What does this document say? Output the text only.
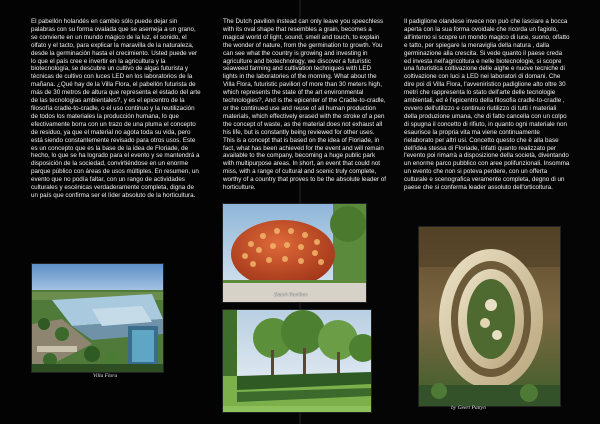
El pabellón holandés en cambio sólo puede dejar sin palabras con su forma ovalada que se asemeja a un grano, se convierte en un mundo mágico de la luz, el sonido, el olfato y el tacto, para explicar la maravilla de la naturaleza, desde la germinación hasta el crecimiento. Usted puede ver lo que el país cree e invertir en la agricultura y la biotecnología, se descubre un cultivo de algas futurista y técnicas de cultivo con luces LED en los laboratorios de la mañana. ¿Qué hay de la Villa Flora, el pabellón futurista de más de 30 metros de altura que representa el estado del arte de las tecnologías ambientales?, y es el epicentro de la filosofía cradle-to-cradle, o el uso continuo y la reutilización de todos los materiales la producción humana, lo que efectivamente borra con un trazo de una pluma el concepto de residuo, ya que el material no agota toda su vida, pero está siendo constantemente revisado para otros usos. Este es un concepto que es la base de la idea de Floriade, de hecho, lo que se ha logrado para el evento y se mantendrá a disposición de la sociedad, convirtiéndose en un enorme parque público con áreas de usos múltiples. En resumen, un evento que no podía faltar, con un rango de actividades culturales y escénicas verdaderamente completa, digna de un país que confirma ser el líder absoluto de la horticultura.

The Dutch pavilion instead can only leave you speechless with its oval shape that resembles a grain, becomes a magical world of light, sound, smell and touch, to explain the wonder of nature, from the germination to growth. You can see what the country is growing and investing in agriculture and biotechnology, we discover a futuristic seaweed farming and cultivation techniques with LED lights in the laboratories of the morning. What about the Villa Flora, futuristic pavilion of more than 30 meters high, which represents the state of the art environmental technologies?, And is the epicenter of the Cradle-to-cradle, or the continued use and reuse of all human production materials, which effectively erased with the stroke of a pen the concept of waste, as the material does not exhaust all his life, but is constantly being reviewed for other uses. This is a concept that is based on the idea of Floriade, in fact, what has been achieved for the event and will remain available to the company, becoming a huge public park with multipurpose areas. In short, an event that could not miss, with a range of cultural and scenic truly complete, worthy of a country that proves to be the absolute leader of horticulture.

Il padiglione olandese invece non può che lasciare a bocca aperta con la sua forma ovoidale che ricorda un fagiolo, all'interno si scopre un mondo magico di luce, suono, olfatto e tatto, per spiegare la meraviglia della natura , dalla germinazione alla crescita. Si vede quanto il paese creda ed investa nell'agricoltura e nelle biotecnologie, si scopre una futuristica coltivazione delle alghe e nuove tecniche di coltivazione con luci a LED nei laboratori di domani. Che dire poi di Villa Flora, l'avveniristico padiglione alto oltre 30 metri che rappresenta lo stato dell'arte delle tecnologie ambientali, ed è l'epicentro della filosofia cradle-to-cradle , ovvero dell'utilizzo e continuo riutilizzo di tutti i materiali della produzione umana, che di fatto cancella con un colpo di spugna il concetto di rifiuto, in quanto ogni materiale non esaurisce la propria vita ma viene continuamente rielaborato per altri usi. Concetto questo che è alla base dell'idea stessa di Floriade, infatti quanto realizzato per l'evento poi rimarrà a disposizione della società, diventando un enorme parco pubblico con aree polifunzionali. Insomma un evento che non si poteva perdere, con un offerta culturale e scenografica veramente completa, degno di un paese che si conferma leader assoluto dell'orticoltura.

Villa Flora
Dutch Pavilion
by Geert Pattyn
